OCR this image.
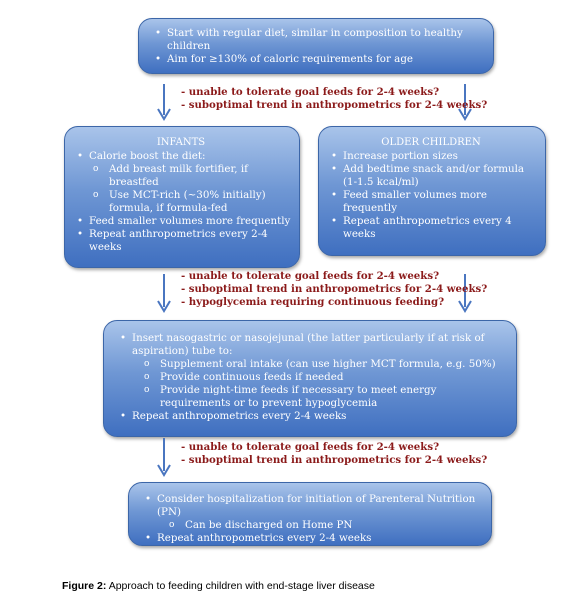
• Start with regular diet, similar in composition to healthy children
• Aim for ≥130% of caloric requirements for age
- unable to tolerate goal feeds for 2-4 weeks?
- suboptimal trend in anthropometrics for 2-4 weeks?
INFANTS
• Calorie boost the diet:
o Add breast milk fortifier, if breastfed
o Use MCT-rich (~30% initially) formula, if formula-fed
• Feed smaller volumes more frequently
• Repeat anthropometrics every 2-4 weeks
OLDER CHILDREN
• Increase portion sizes
• Add bedtime snack and/or formula (1-1.5 kcal/ml)
• Feed smaller volumes more frequently
• Repeat anthropometrics every 4 weeks
- unable to tolerate goal feeds for 2-4 weeks?
- suboptimal trend in anthropometrics for 2-4 weeks?
- hypoglycemia requiring continuous feeding?
• Insert nasogastric or nasojejunal (the latter particularly if at risk of aspiration) tube to:
o Supplement oral intake (can use higher MCT formula, e.g. 50%)
o Provide continuous feeds if needed
o Provide night-time feeds if necessary to meet energy requirements or to prevent hypoglycemia
• Repeat anthropometrics every 2-4 weeks
- unable to tolerate goal feeds for 2-4 weeks?
- suboptimal trend in anthropometrics for 2-4 weeks?
• Consider hospitalization for initiation of Parenteral Nutrition (PN)
o Can be discharged on Home PN
• Repeat anthropometrics every 2-4 weeks
Figure 2: Approach to feeding children with end-stage liver disease
